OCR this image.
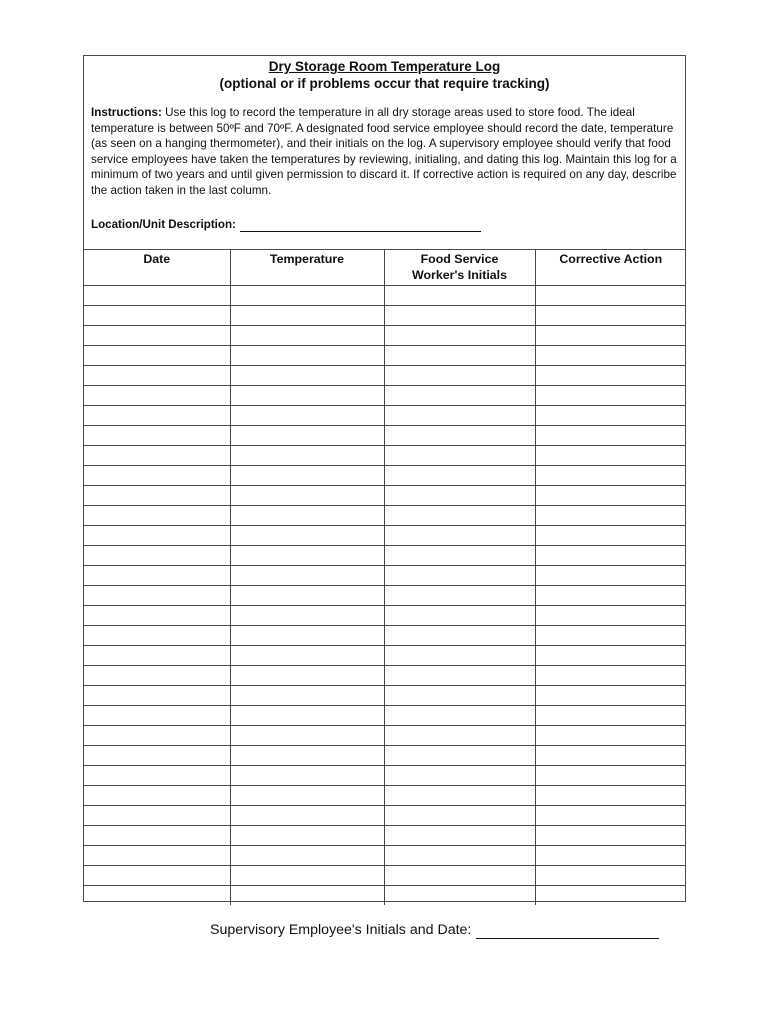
Dry Storage Room Temperature Log
(optional or if problems occur that require tracking)
Instructions: Use this log to record the temperature in all dry storage areas used to store food. The ideal temperature is between 50ºF and 70ºF. A designated food service employee should record the date, temperature (as seen on a hanging thermometer), and their initials on the log. A supervisory employee should verify that food service employees have taken the temperatures by reviewing, initialing, and dating this log. Maintain this log for a minimum of two years and until given permission to discard it. If corrective action is required on any day, describe the action taken in the last column.
Location/Unit Description:
Date	Temperature	Food Service Worker's Initials	Corrective Action

Supervisory Employee's Initials and Date:
